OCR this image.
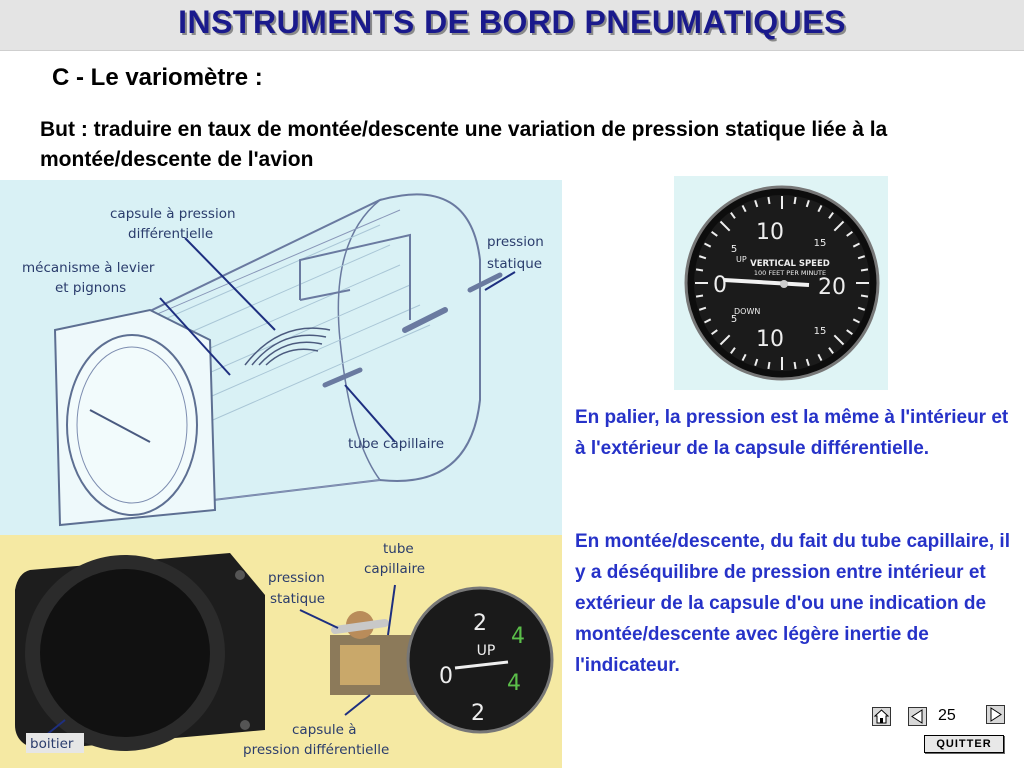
INSTRUMENTS DE BORD PNEUMATIQUES
C - Le variomètre :
But : traduire en taux de montée/descente une variation de pression statique liée à la montée/descente de l'avion
capsule à pression
différentielle
mécanisme à levier
et pignons
pression
statique
tube capillaire
2
UP
0
4
4
2
tube
capillaire
pression
statique
capsule à
pression différentielle
boitier
10
10
0	20
15
15
5
5
UP
DOWN
VERTICAL SPEED
100 FEET PER MINUTE
En palier, la pression est la même à l'intérieur et à l'extérieur de la capsule différentielle.
En montée/descente, du fait du tube capillaire, il y a déséquilibre de pression entre intérieur et extérieur de la capsule d'ou une indication de montée/descente avec légère inertie de l'indicateur.
25
QUITTER
